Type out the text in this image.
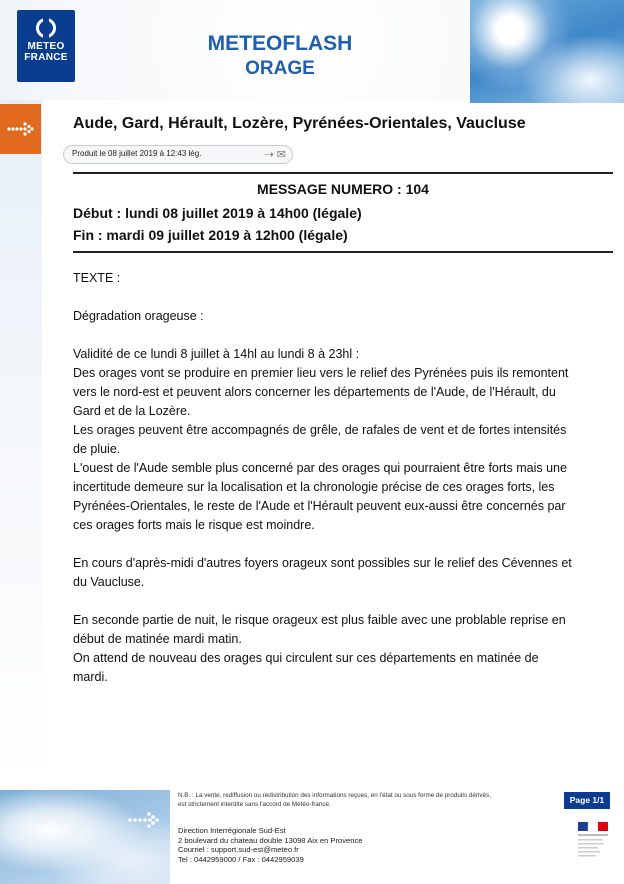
METEO
FRANCE
METEOFLASH
ORAGE
Aude, Gard, Hérault, Lozère, Pyrénées-Orientales, Vaucluse
Produit le 08 juillet 2019 à 12:43 lég.	⇢ ✉
MESSAGE NUMERO : 104
Début : lundi 08 juillet 2019 à 14h00 (légale)
Fin : mardi 09 juillet 2019 à 12h00 (légale)
TEXTE :
Dégradation orageuse :

Validité de ce lundi 8 juillet à 14hl au lundi 8 à 23hl :

Des orages vont se produire en premier lieu vers le relief des Pyrénées puis ils remontent

vers le nord-est et peuvent alors concerner les départements de l'Aude, de l'Hérault, du

Gard et de la Lozère.

Les orages peuvent être accompagnés de grêle, de rafales de vent et de fortes intensités

de pluie.

L'ouest de l'Aude semble plus concerné par des orages qui pourraient être forts mais une

incertitude demeure sur la localisation et la chronologie précise de ces orages forts, les

Pyrénées-Orientales, le reste de l'Aude et l'Hérault peuvent eux-aussi être concernés par

ces orages forts mais le risque est moindre.

En cours d'après-midi d'autres foyers orageux sont possibles sur le relief des Cévennes et

du Vaucluse.

En seconde partie de nuit, le risque orageux est plus faible avec une problable reprise en

début de matinée mardi matin.

On attend de nouveau des orages qui circulent sur ces départements en matinée de

mardi.

N.B. : La vente, rediffusion ou redistribution des informations reçues, en l'état ou sous forme de produits dérivés,
est strictement interdite sans l'accord de Météo-france.
Direction Interrégionale Sud-Est
2 boulevard du chateau double 13098 Aix en Provence
Courriel : support.sud-est@meteo.fr
Tel : 0442959000 / Fax : 0442959039
Page 1/1
